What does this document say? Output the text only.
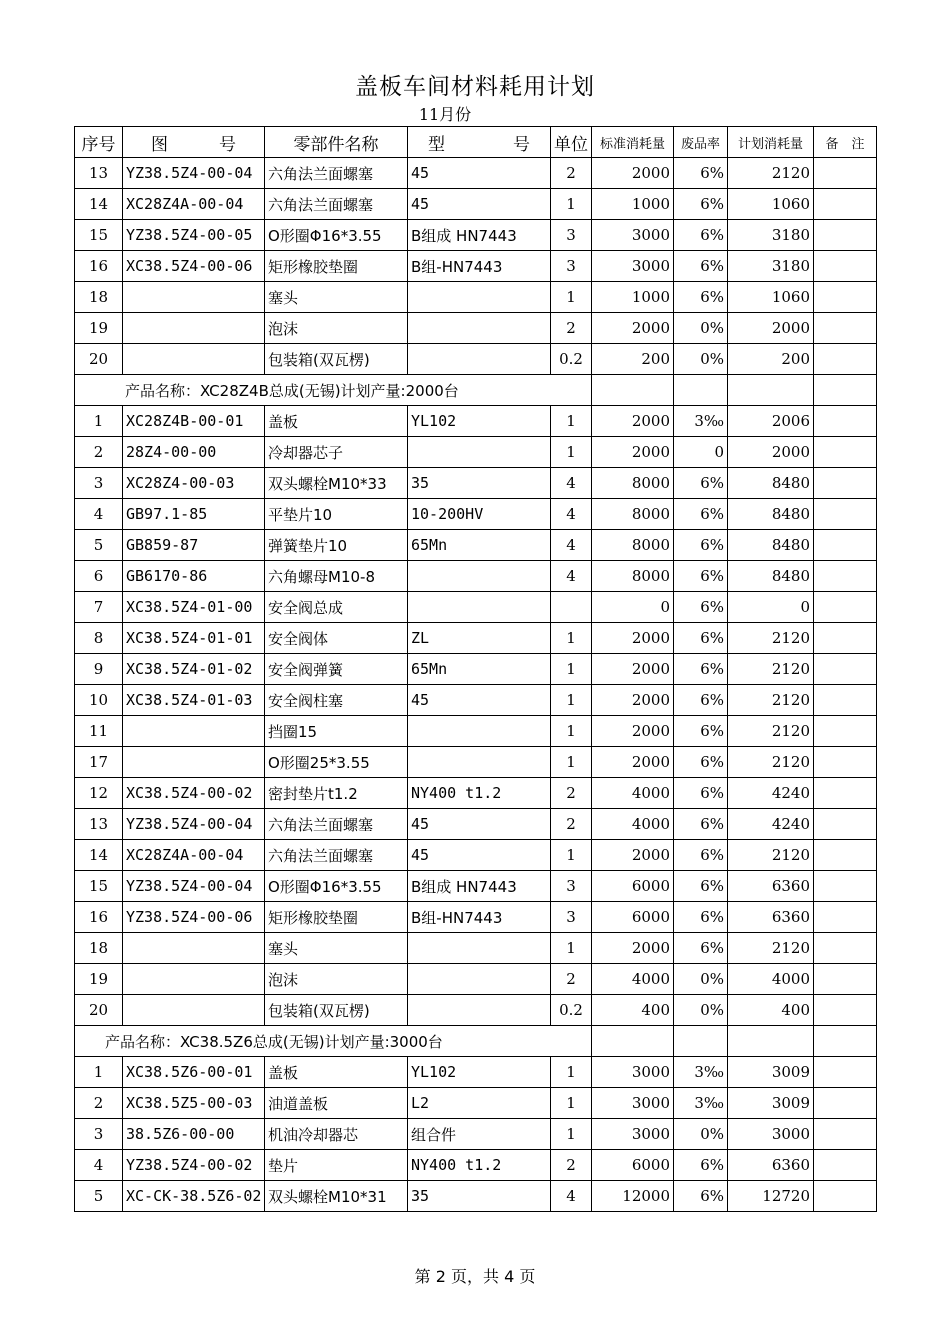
盖板车间材料耗用计划
11月份
序号	图　　　号	零部件名称	型　　　　号	单位	标准消耗量	废品率	计划消耗量	备　注
13	YZ38.5Z4-00-04	六角法兰面螺塞	45	2	2000	6%	2120	
14	XC28Z4A-00-04	六角法兰面螺塞	45	1	1000	6%	1060	
15	YZ38.5Z4-00-05	O形圈Φ16*3.55	B组成 HN7443	3	3000	6%	3180	
16	XC38.5Z4-00-06	矩形橡胶垫圈	B组-HN7443	3	3000	6%	3180	
18		塞头		1	1000	6%	1060	
19		泡沫		2	2000	0%	2000	
20		包装箱(双瓦楞)		0.2	200	0%	200	
产品名称：XC28Z4B总成(无锡)计划产量:2000台								
1	XC28Z4B-00-01	盖板	YL102	1	2000	3‰	2006	
2	28Z4-00-00	冷却器芯子		1	2000	0	2000	
3	XC28Z4-00-03	双头螺栓M10*33	35	4	8000	6%	8480	
4	GB97.1-85	平垫片10	10-200HV	4	8000	6%	8480	
5	GB859-87	弹簧垫片10	65Mn	4	8000	6%	8480	
6	GB6170-86	六角螺母M10-8		4	8000	6%	8480	
7	XC38.5Z4-01-00	安全阀总成			0	6%	0	
8	XC38.5Z4-01-01	安全阀体	ZL	1	2000	6%	2120	
9	XC38.5Z4-01-02	安全阀弹簧	65Mn	1	2000	6%	2120	
10	XC38.5Z4-01-03	安全阀柱塞	45	1	2000	6%	2120	
11		挡圈15		1	2000	6%	2120	
17		O形圈25*3.55		1	2000	6%	2120	
12	XC38.5Z4-00-02	密封垫片t1.2	NY400 t1.2	2	4000	6%	4240	
13	YZ38.5Z4-00-04	六角法兰面螺塞	45	2	4000	6%	4240	
14	XC28Z4A-00-04	六角法兰面螺塞	45	1	2000	6%	2120	
15	YZ38.5Z4-00-04	O形圈Φ16*3.55	B组成 HN7443	3	6000	6%	6360	
16	YZ38.5Z4-00-06	矩形橡胶垫圈	B组-HN7443	3	6000	6%	6360	
18		塞头		1	2000	6%	2120	
19		泡沫		2	4000	0%	4000	
20		包装箱(双瓦楞)		0.2	400	0%	400	
产品名称：XC38.5Z6总成(无锡)计划产量:3000台								
1	XC38.5Z6-00-01	盖板	YL102	1	3000	3‰	3009	
2	XC38.5Z5-00-03	油道盖板	L2	1	3000	3‰	3009	
3	38.5Z6-00-00	机油冷却器芯	组合件	1	3000	0%	3000	
4	YZ38.5Z4-00-02	垫片	NY400 t1.2	2	6000	6%	6360	
5	XC-CK-38.5Z6-02	双头螺栓M10*31	35	4	12000	6%	12720	
第 2 页，共 4 页
